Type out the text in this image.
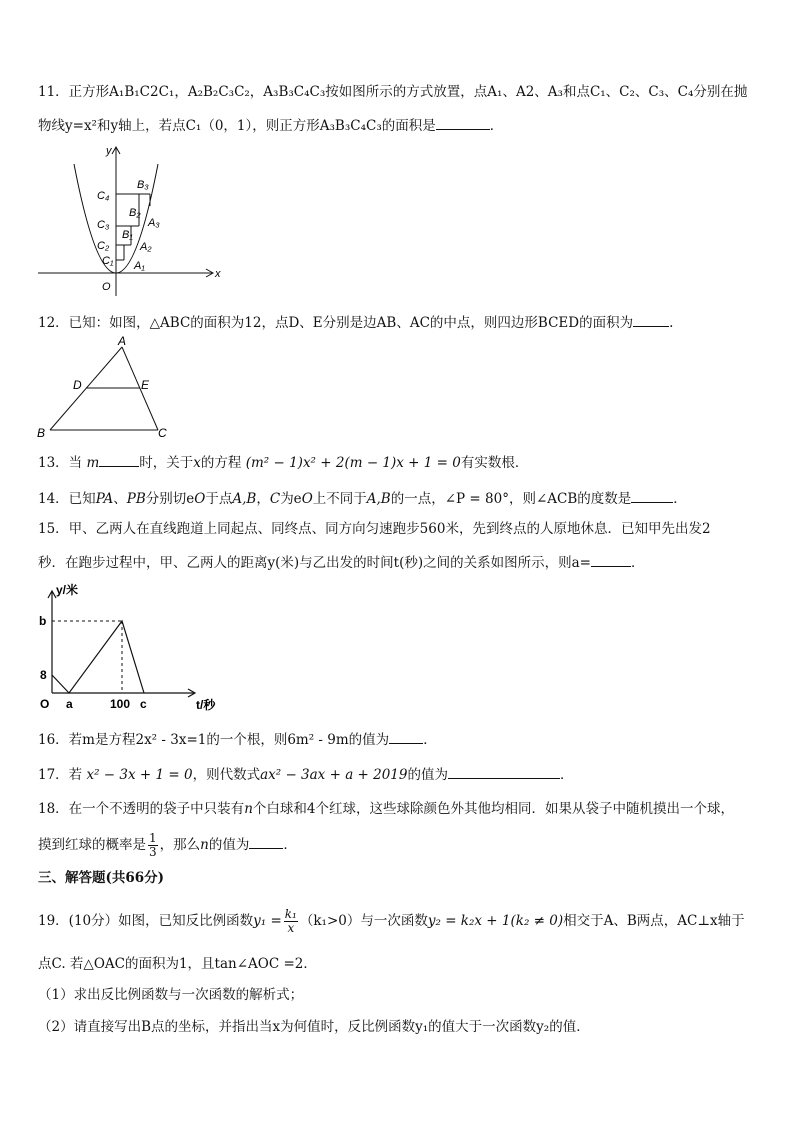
11．正方形A₁B₁C2C₁，A₂B₂C₃C₂，A₃B₃C₄C₃按如图所示的方式放置，点A₁、A2、A₃和点C₁、C₂、C₃、C₄分别在抛
物线y=x²和y轴上，若点C₁（0，1），则正方形A₃B₃C₄C₃的面积是	．
y
x
O
C₄
C₃
C₂
C₁
B₃
B₂
B₁
A₃
A₂
A₁
12．已知：如图，△ABC的面积为12，点D、E分别是边AB、AC的中点，则四边形BCED的面积为	.
A
D	E
B	C
13．当 m	时，关于x的方程 (m² − 1)x² + 2(m − 1)x + 1 = 0有实数根．
14．已知PA、PB分别切eO于点A,B，C为eO上不同于A,B的一点，∠P = 80°，则∠ACB的度数是	．
15．甲、乙两人在直线跑道上同起点、同终点、同方向匀速跑步560米，先到终点的人原地休息．已知甲先出发2
秒．在跑步过程中，甲、乙两人的距离y(米)与乙出发的时间t(秒)之间的关系如图所示，则a=	．
y/米
t/秒
b
8
O a	100 c
16．若m是方程2x² - 3x=1的一个根，则6m² - 9m的值为	．
17．若 x² − 3x + 1 = 0，则代数式ax² − 3ax + a + 2019的值为	．
18．在一个不透明的袋子中只装有n个白球和4个红球，这些球除颜色外其他均相同．如果从袋子中随机摸出一个球，
摸到红球的概率是 $\frac{1}{3}$ ，那么n的值为	．
三、解答题(共66分)
19．(10分）如图，已知反比例函数$y_1 = \frac{\text{k₁}}{x} (k_1>0)$与一次函数y₂ = k₂x + 1(k₂ ≠ 0)相交于A、B两点，AC⊥x轴于
点C. 若△OAC的面积为1，且tan∠AOC =2．
（1）求出反比例函数与一次函数的解析式；
（2）请直接写出B点的坐标，并指出当x为何值时，反比例函数y₁的值大于一次函数y₂的值．
